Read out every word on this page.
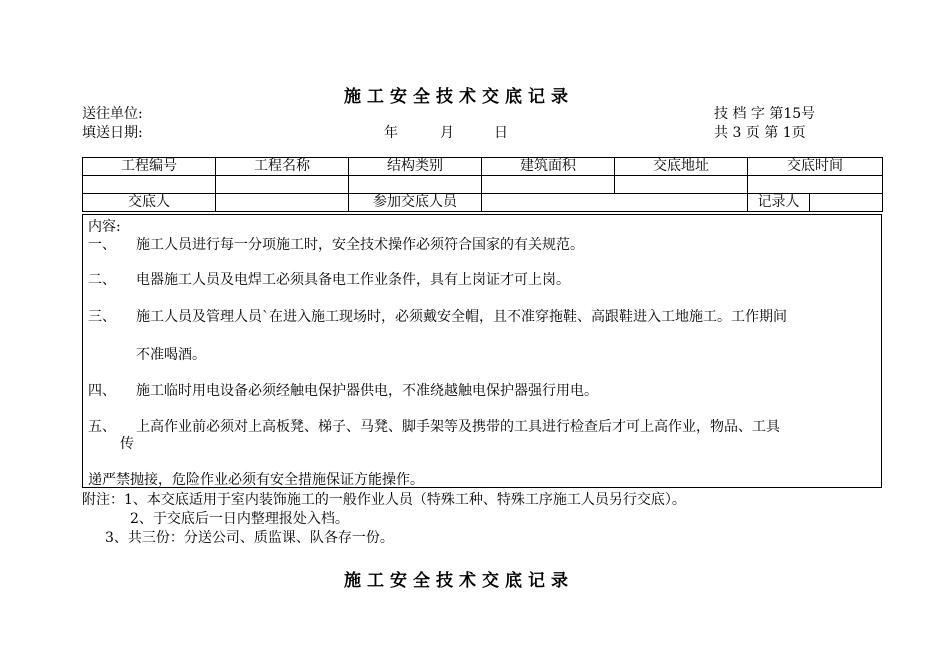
施工安全技术交底记录
送往单位:	技 档 字 第15号
填送日期:	年	月	日	共 3 页 第 1页
工程编号	工程名称	结构类别	建筑面积	交底地址	交底时间	

交底人		参加交底人员			记录人	
内容:
一、 施工人员进行每一分项施工时，安全技术操作必须符合国家的有关规范。
二、 电器施工人员及电焊工必须具备电工作业条件，具有上岗证才可上岗。
三、 施工人员及管理人员`在进入施工现场时，必须戴安全帽，且不准穿拖鞋、高跟鞋进入工地施工。工作期间
不准喝酒。
四、 施工临时用电设备必须经触电保护器供电，不准绕越触电保护器强行用电。
五、 上高作业前必须对上高板凳、梯子、马凳、脚手架等及携带的工具进行检查后才可上高作业，物品、工具
传
递严禁抛接，危险作业必须有安全措施保证方能操作。
附注：1、本交底适用于室内装饰施工的一般作业人员（特殊工种、特殊工序施工人员另行交底）。
2、于交底后一日内整理报处入档。
3、共三份：分送公司、质监课、队各存一份。
施工安全技术交底记录
